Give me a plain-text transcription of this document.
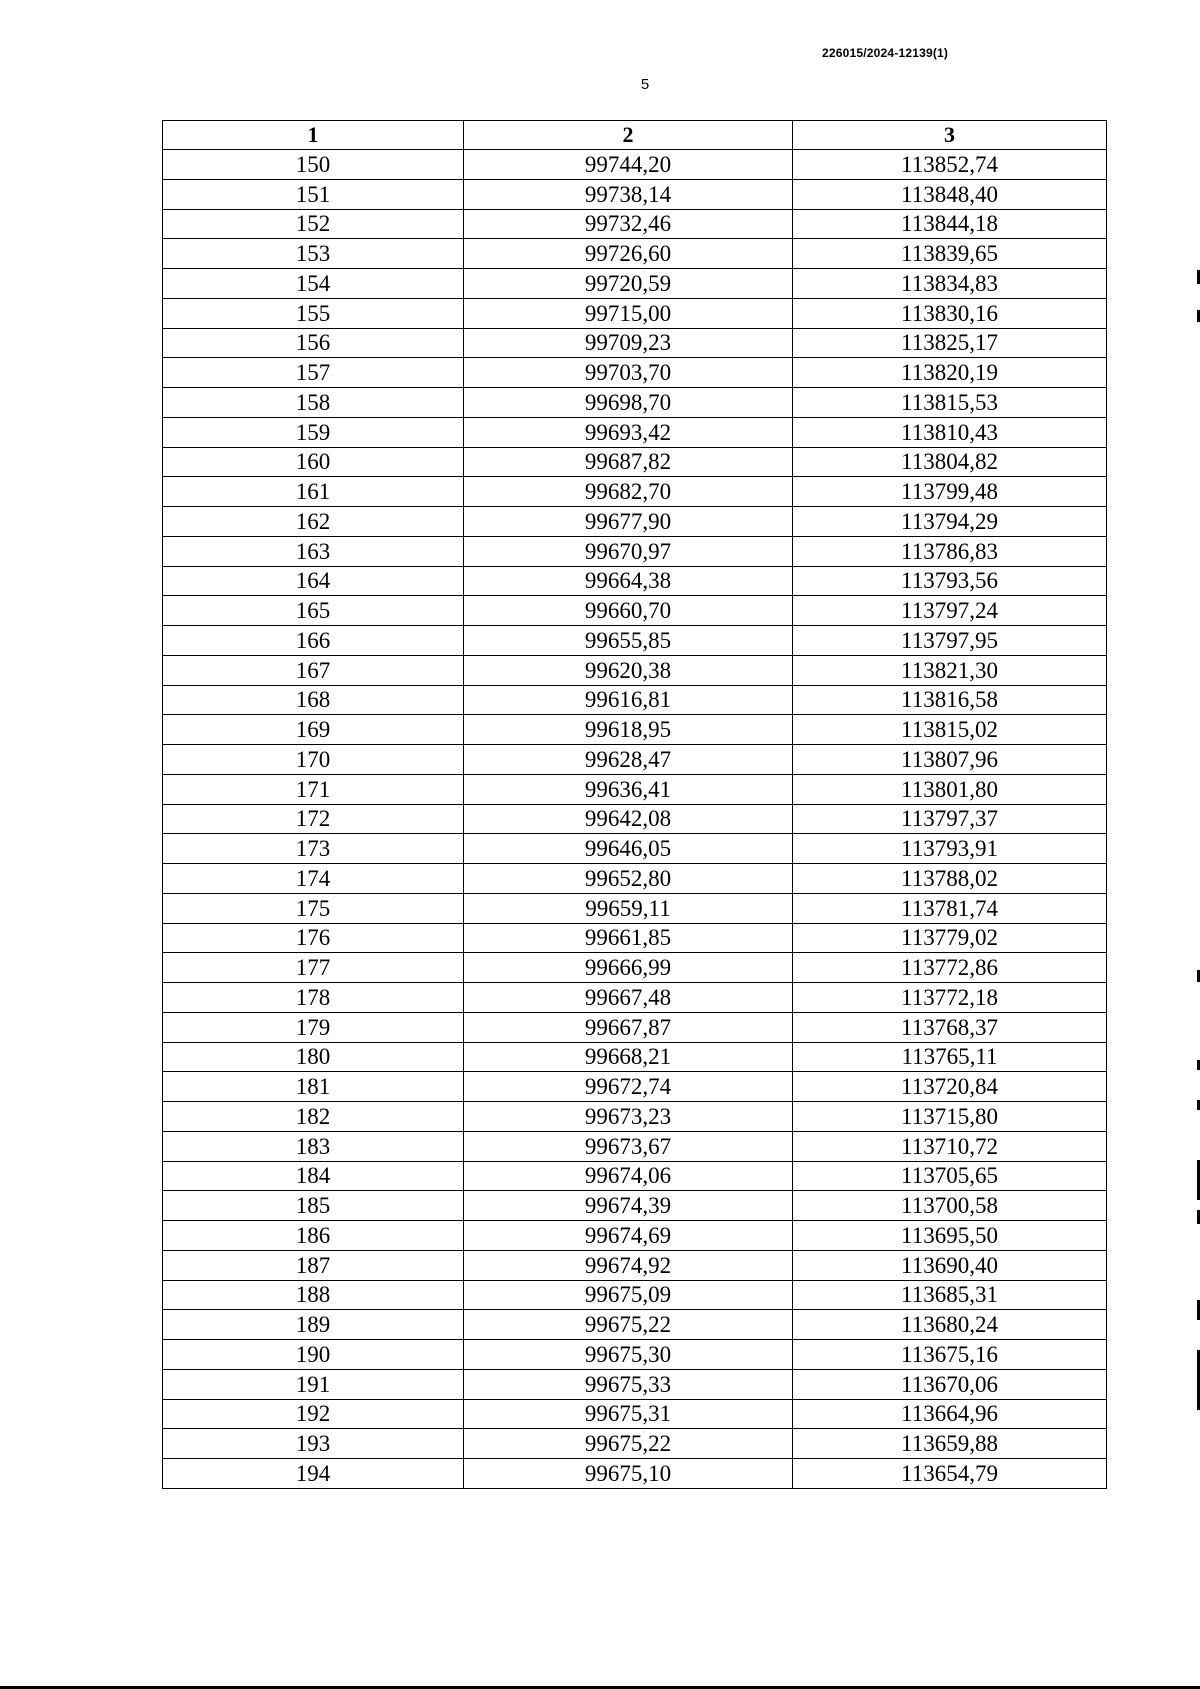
226015/2024-12139(1)
5
1	2	3
150	99744,20	113852,74
151	99738,14	113848,40
152	99732,46	113844,18
153	99726,60	113839,65
154	99720,59	113834,83
155	99715,00	113830,16
156	99709,23	113825,17
157	99703,70	113820,19
158	99698,70	113815,53
159	99693,42	113810,43
160	99687,82	113804,82
161	99682,70	113799,48
162	99677,90	113794,29
163	99670,97	113786,83
164	99664,38	113793,56
165	99660,70	113797,24
166	99655,85	113797,95
167	99620,38	113821,30
168	99616,81	113816,58
169	99618,95	113815,02
170	99628,47	113807,96
171	99636,41	113801,80
172	99642,08	113797,37
173	99646,05	113793,91
174	99652,80	113788,02
175	99659,11	113781,74
176	99661,85	113779,02
177	99666,99	113772,86
178	99667,48	113772,18
179	99667,87	113768,37
180	99668,21	113765,11
181	99672,74	113720,84
182	99673,23	113715,80
183	99673,67	113710,72
184	99674,06	113705,65
185	99674,39	113700,58
186	99674,69	113695,50
187	99674,92	113690,40
188	99675,09	113685,31
189	99675,22	113680,24
190	99675,30	113675,16
191	99675,33	113670,06
192	99675,31	113664,96
193	99675,22	113659,88
194	99675,10	113654,79
